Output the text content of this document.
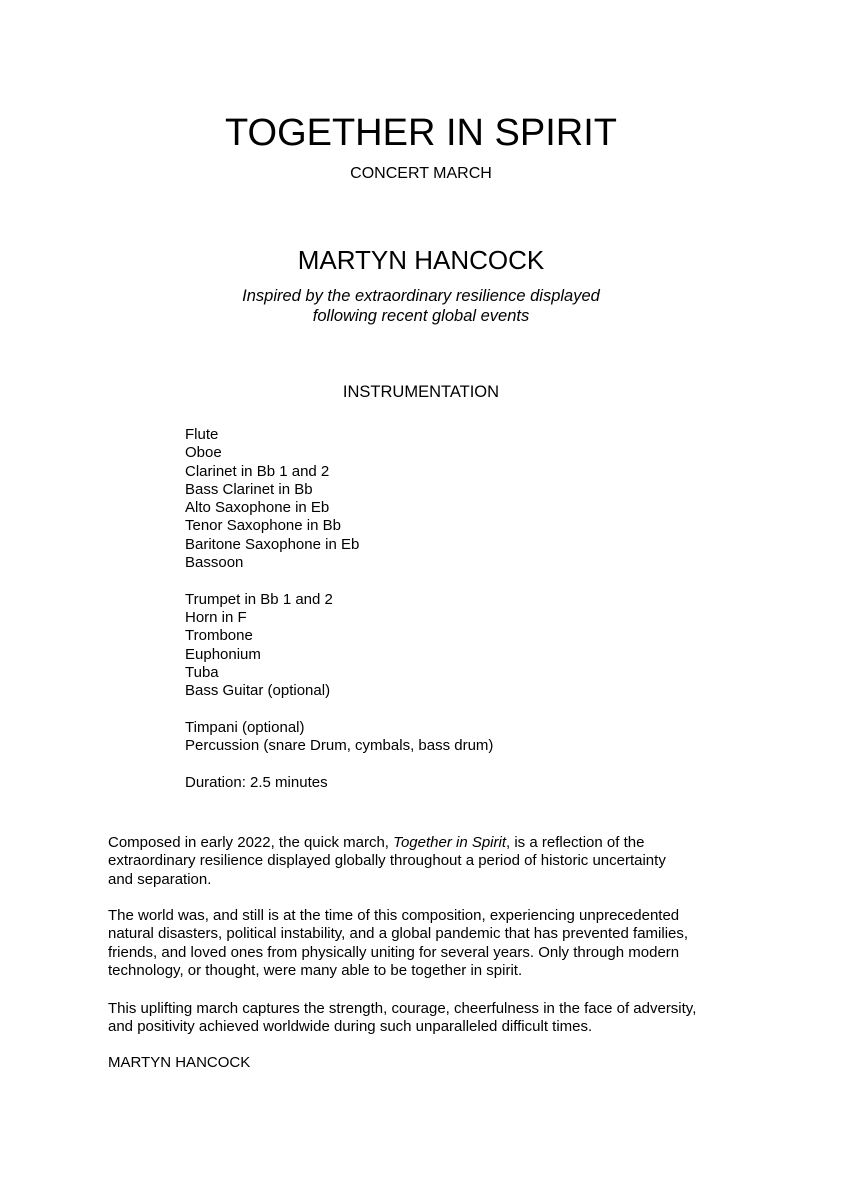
TOGETHER IN SPIRIT
CONCERT MARCH
MARTYN HANCOCK
Inspired by the extraordinary resilience displayed
following recent global events
INSTRUMENTATION
Flute
Oboe
Clarinet in Bb 1 and 2
Bass Clarinet in Bb
Alto Saxophone in Eb
Tenor Saxophone in Bb
Baritone Saxophone in Eb
Bassoon
Trumpet in Bb 1 and 2
Horn in F
Trombone
Euphonium
Tuba
Bass Guitar (optional)
Timpani (optional)
Percussion (snare Drum, cymbals, bass drum)
Duration: 2.5 minutes

Composed in early 2022, the quick march, Together in Spirit, is a reflection of the
extraordinary resilience displayed globally throughout a period of historic uncertainty
and separation.

The world was, and still is at the time of this composition, experiencing unprecedented
natural disasters, political instability, and a global pandemic that has prevented families,
friends, and loved ones from physically uniting for several years. Only through modern
technology, or thought, were many able to be together in spirit.

This uplifting march captures the strength, courage, cheerfulness in the face of adversity,
and positivity achieved worldwide during such unparalleled difficult times.

MARTYN HANCOCK
